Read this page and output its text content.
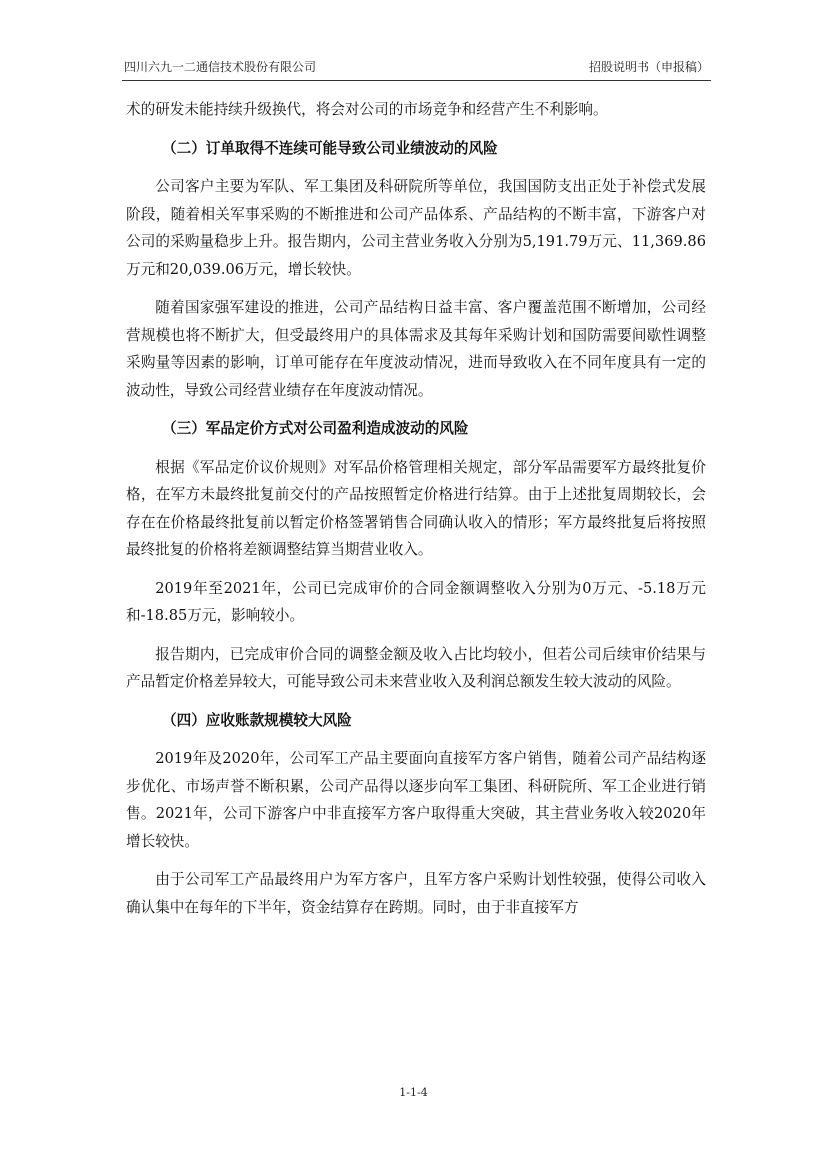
四川六九一二通信技术股份有限公司	招股说明书（申报稿）

术的研发未能持续升级换代，将会对公司的市场竞争和经营产生不利影响。

（二）订单取得不连续可能导致公司业绩波动的风险

公司客户主要为军队、军工集团及科研院所等单位，我国国防支出正处于补偿式发展阶段，随着相关军事采购的不断推进和公司产品体系、产品结构的不断丰富，下游客户对公司的采购量稳步上升。报告期内，公司主营业务收入分别为5,191.79万元、11,369.86万元和20,039.06万元，增长较快。

随着国家强军建设的推进，公司产品结构日益丰富、客户覆盖范围不断增加，公司经营规模也将不断扩大，但受最终用户的具体需求及其每年采购计划和国防需要间歇性调整采购量等因素的影响，订单可能存在年度波动情况，进而导致收入在不同年度具有一定的波动性，导致公司经营业绩存在年度波动情况。

（三）军品定价方式对公司盈利造成波动的风险

根据《军品定价议价规则》对军品价格管理相关规定，部分军品需要军方最终批复价格，在军方未最终批复前交付的产品按照暂定价格进行结算。由于上述批复周期较长，会存在在价格最终批复前以暂定价格签署销售合同确认收入的情形；军方最终批复后将按照最终批复的价格将差额调整结算当期营业收入。

2019年至2021年，公司已完成审价的合同金额调整收入分别为0万元、-5.18万元和-18.85万元，影响较小。

报告期内，已完成审价合同的调整金额及收入占比均较小，但若公司后续审价结果与产品暂定价格差异较大，可能导致公司未来营业收入及利润总额发生较大波动的风险。

（四）应收账款规模较大风险

2019年及2020年，公司军工产品主要面向直接军方客户销售，随着公司产品结构逐步优化、市场声誉不断积累，公司产品得以逐步向军工集团、科研院所、军工企业进行销售。2021年，公司下游客户中非直接军方客户取得重大突破，其主营业务收入较2020年增长较快。

由于公司军工产品最终用户为军方客户，且军方客户采购计划性较强，使得公司收入确认集中在每年的下半年，资金结算存在跨期。同时，由于非直接军方

1-1-4
